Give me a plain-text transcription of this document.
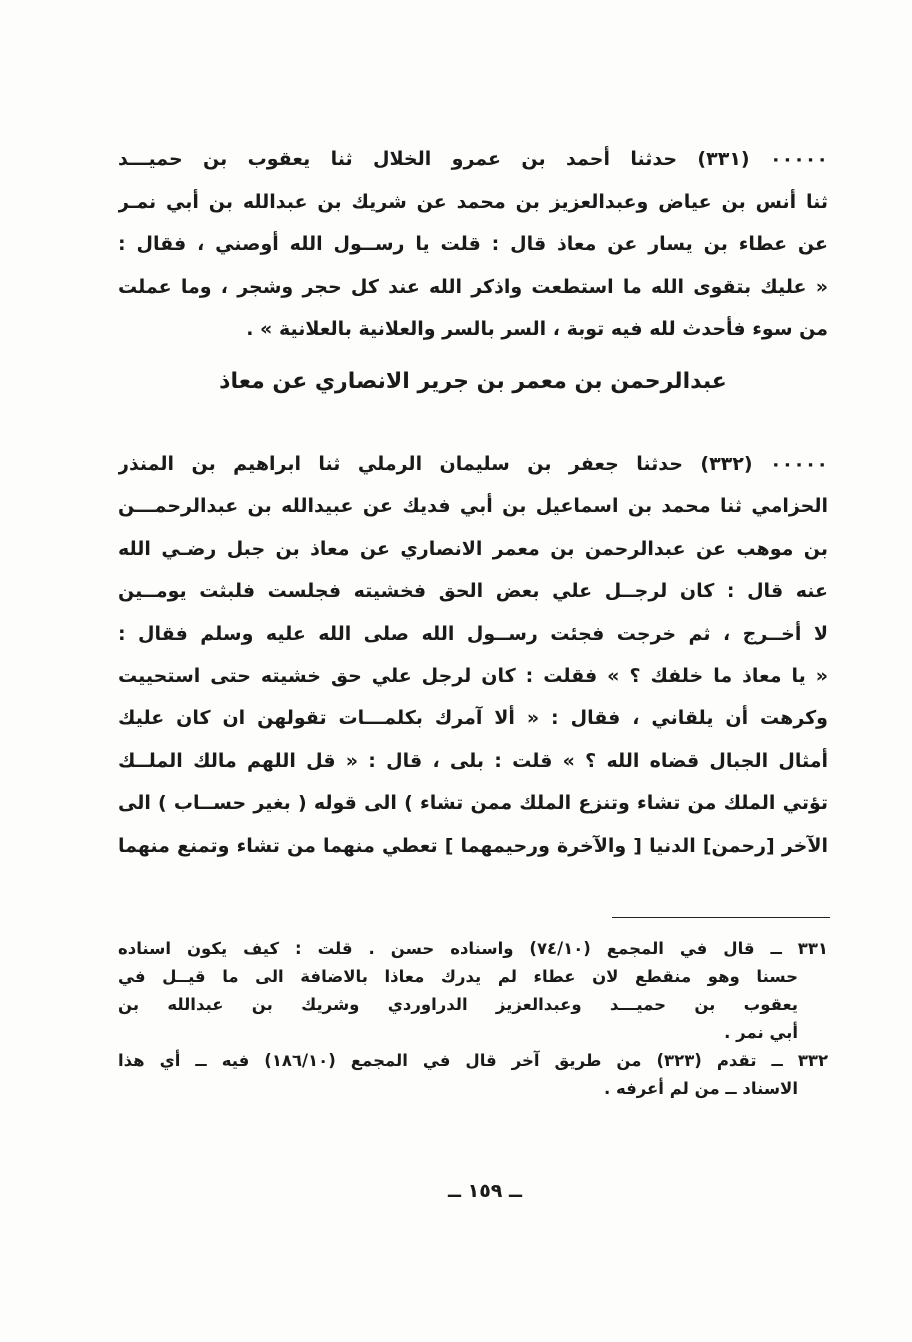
٠٠٠٠٠ (٣٣١) حدثنا أحمد بن عمرو الخلال ثنا يعقوب بن حميـــد
ثنا أنس بن عياض وعبدالعزيز بن محمد عن شريك بن عبدالله بن أبي نمـر
عن عطاء بن يسار عن معاذ قال : قلت يا رســول الله أوصني ، فقال :
« عليك بتقوى الله ما استطعت واذكر الله عند كل حجر وشجر ، وما عملت
من سوء فأحدث لله فيه توبة ، السر بالسر والعلانية بالعلانية » .
عبدالرحمن بن معمر بن جرير الانصاري عن معاذ
٠٠٠٠٠ (٣٣٢) حدثنا جعفر بن سليمان الرملي ثنا ابراهيم بن المنذر
الحزامي ثنا محمد بن اسماعيل بن أبي فديك عن عبيدالله بن عبدالرحمـــن
بن موهب عن عبدالرحمن بن معمر الانصاري عن معاذ بن جبل رضـي الله
عنه قال : كان لرجــل علي بعض الحق فخشيته فجلست فلبثت يومــين
لا أخــرج ، ثم خرجت فجئت رســول الله صلى الله عليه وسلم فقال :
« يا معاذ ما خلفك ؟ » فقلت : كان لرجل علي حق خشيته حتى استحييت
وكرهت أن يلقاني ، فقال : « ألا آمرك بكلمـــات تقولهن ان كان عليك
أمثال الجبال قضاه الله ؟ » قلت : بلى ، قال : « قل اللهم مالك الملــك
تؤتي الملك من تشاء وتنزع الملك ممن تشاء ) الى قوله ( بغير حســاب ) الى
الآخر [رحمن] الدنيا [ والآخرة ورحيمهما ] تعطي منهما من تشاء وتمنع منهما
٣٣١ ــ قال في المجمع (٧٤/١٠) واسناده حسن . قلت : كيف يكون اسناده
حسنا وهو منقطع لان عطاء لم يدرك معاذا بالاضافة الى ما قيــل في
يعقوب بن حميـــد وعبدالعزيز الدراوردي وشريك بن عبدالله بن
أبي نمر .
٣٣٢ ــ تقدم (٣٢٣) من طريق آخر قال في المجمع (١٨٦/١٠) فيه ــ أي هذا
الاسناد ــ من لم أعرفه .
ــ ١٥٩ ــ
